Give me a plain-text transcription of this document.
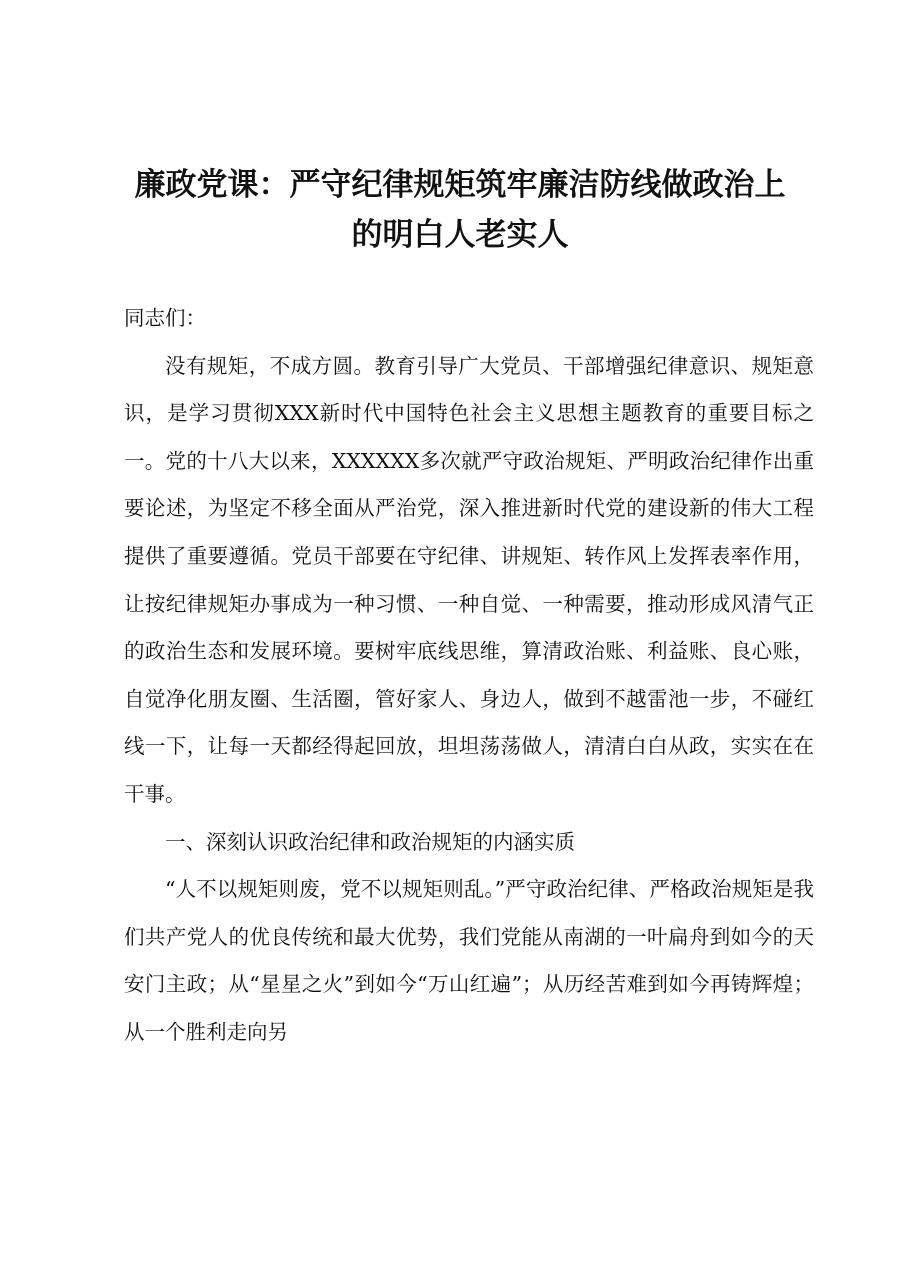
廉政党课：严守纪律规矩筑牢廉洁防线做政治上
的明白人老实人

同志们：

没有规矩，不成方圆。教育引导广大党员、干部增强纪律意识、规矩意识，是学习贯彻XXX新时代中国特色社会主义思想主题教育的重要目标之一。党的十八大以来，XXXXXX多次就严守政治规矩、严明政治纪律作出重要论述，为坚定不移全面从严治党，深入推进新时代党的建设新的伟大工程提供了重要遵循。党员干部要在守纪律、讲规矩、转作风上发挥表率作用，让按纪律规矩办事成为一种习惯、一种自觉、一种需要，推动形成风清气正的政治生态和发展环境。要树牢底线思维，算清政治账、利益账、良心账，自觉净化朋友圈、生活圈，管好家人、身边人，做到不越雷池一步，不碰红线一下，让每一天都经得起回放，坦坦荡荡做人，清清白白从政，实实在在干事。

一、深刻认识政治纪律和政治规矩的内涵实质

“人不以规矩则废，党不以规矩则乱。”严守政治纪律、严格政治规矩是我们共产党人的优良传统和最大优势，我们党能从南湖的一叶扁舟到如今的天安门主政；从“星星之火”到如今“万山红遍”；从历经苦难到如今再铸辉煌；从一个胜利走向另
